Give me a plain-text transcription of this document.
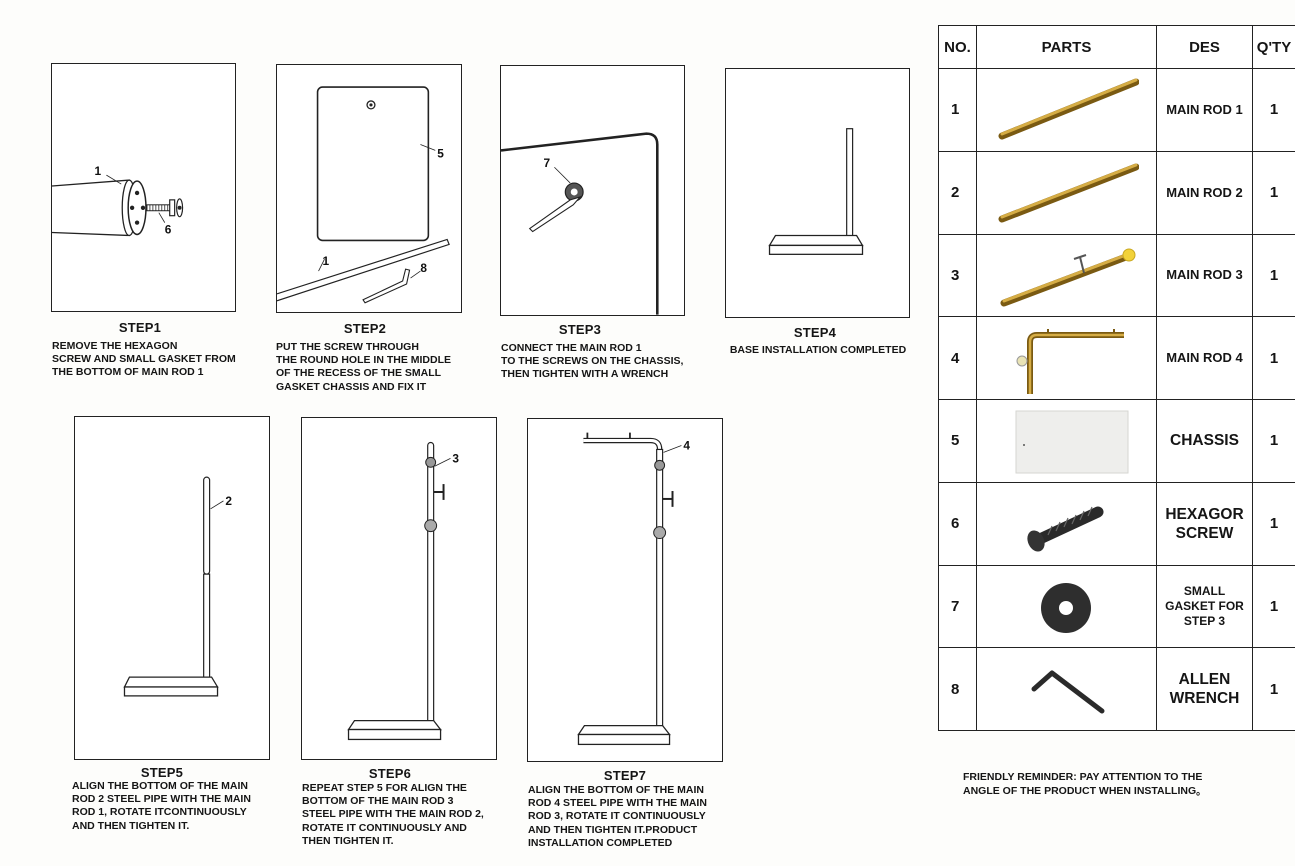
1
6
STEP1
REMOVE THE HEXAGON
SCREW AND SMALL GASKET FROM
THE BOTTOM OF MAIN ROD 1
5
1	8
STEP2
PUT THE SCREW THROUGH
THE ROUND HOLE IN THE MIDDLE
OF THE RECESS OF THE SMALL
GASKET CHASSIS AND FIX IT
7
STEP3
CONNECT THE MAIN ROD 1
TO THE SCREWS ON THE CHASSIS,
THEN TIGHTEN WITH A WRENCH
STEP4
BASE INSTALLATION COMPLETED
2
STEP5
ALIGN THE BOTTOM OF THE MAIN
ROD 2 STEEL PIPE WITH THE MAIN
ROD 1, ROTATE ITCONTINUOUSLY
AND THEN TIGHTEN IT.
3
STEP6
REPEAT STEP 5 FOR ALIGN THE
BOTTOM OF THE MAIN ROD 3
STEEL PIPE WITH THE MAIN ROD 2,
ROTATE IT CONTINUOUSLY AND
THEN TIGHTEN IT.
4
STEP7
ALIGN THE BOTTOM OF THE MAIN
ROD 4 STEEL PIPE WITH THE MAIN
ROD 3, ROTATE IT CONTINUOUSLY
AND THEN TIGHTEN IT.PRODUCT
INSTALLATION COMPLETED
NO.	PARTS	DES	Q'TY
1		MAIN ROD 1	1
2		MAIN ROD 2	1
3		MAIN ROD 3	1
4		MAIN ROD 4	1
5		CHASSIS	1
6		HEXAGOR
SCREW	1
7		SMALL
GASKET FOR
STEP 3	1
8		ALLEN
WRENCH	1
FRIENDLY REMINDER: PAY ATTENTION TO THE
ANGLE OF THE PRODUCT WHEN INSTALLING。
